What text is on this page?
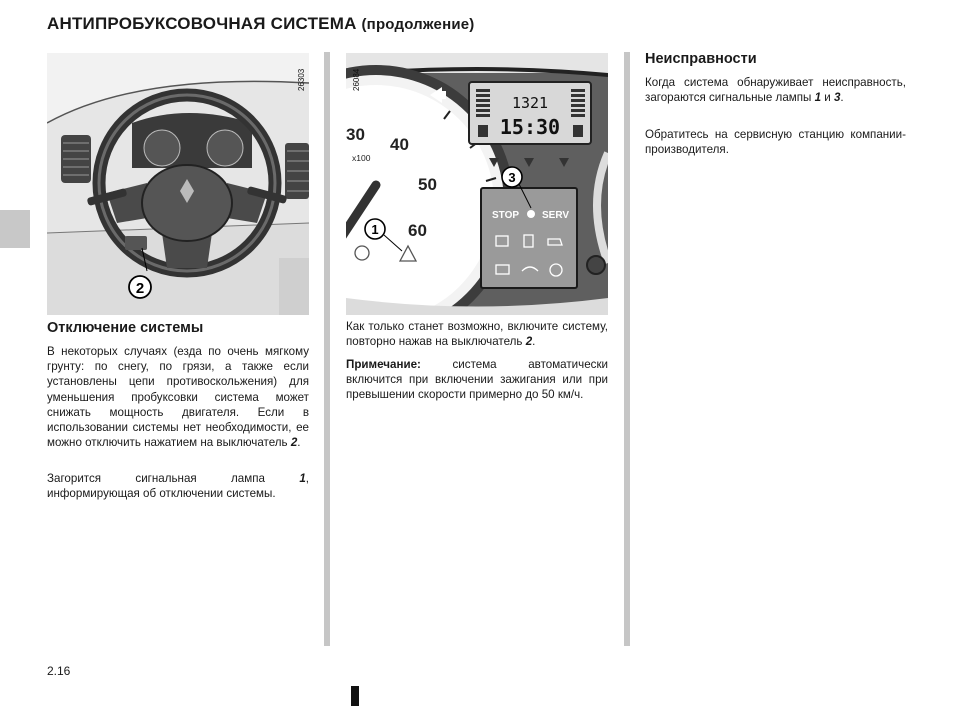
АНТИПРОБУКСОВОЧНАЯ СИСТЕМА (продолжение)
2
26303
30
40
50
60
x100
1
1321
15:30
STOP SERV
3
26084
Отключение системы

В некоторых случаях (езда по очень мягкому грунту: по снегу, по грязи, а также если установлены цепи противоскольжения) для уменьшения пробуксовки система может снижать мощность двигателя. Если в использовании системы нет необходимости, ее можно отключить нажатием на выключатель 2.

Загорится сигнальная лампа 1, информирующая об отключении системы.

Как только станет возможно, включите систему, повторно нажав на выключатель 2.

Примечание: система автоматически включится при включении зажигания или при превышении скорости примерно до 50 км/ч.

Неисправности

Когда система обнаруживает неисправность, загораются сигнальные лампы 1 и 3.

Обратитесь на сервисную станцию компании-производителя.

2.16
